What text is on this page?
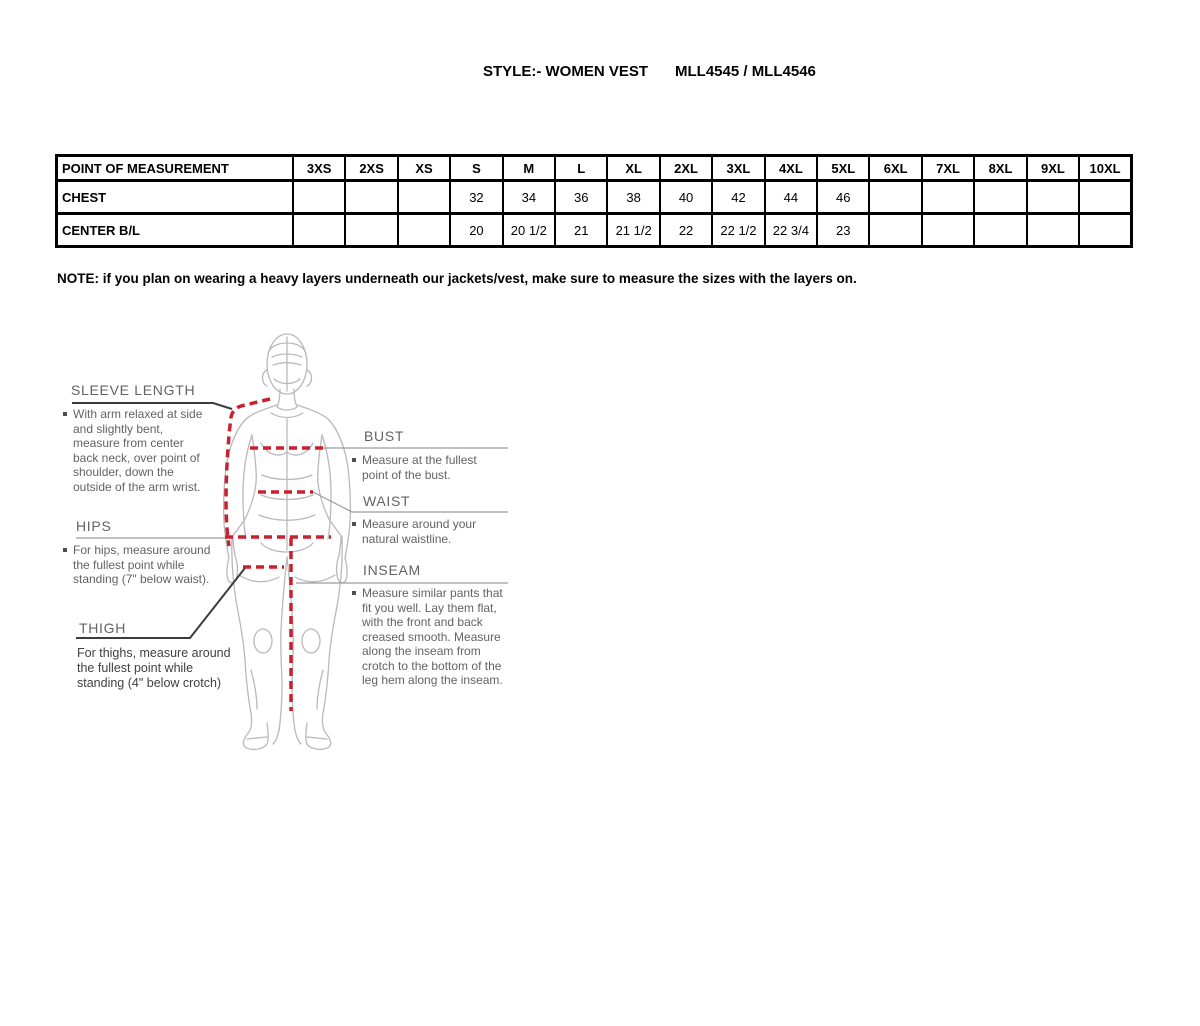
STYLE:- WOMEN VEST MLL4545 / MLL4546
POINT OF MEASUREMENT	3XS	2XS	XS	S	M	L	XL	2XL	3XL	4XL	5XL	6XL	7XL	8XL	9XL	10XL
CHEST				32	34	36	38	40	42	44	46					
CENTER B/L				20	20 1/2	21	21 1/2	22	22 1/2	22 3/4	23					
NOTE: if you plan on wearing a heavy layers underneath our jackets/vest, make sure to measure the sizes with the layers on.
SLEEVE LENGTH
With arm relaxed at side and slightly bent, measure from center back neck, over point of shoulder, down the outside of the arm wrist.
HIPS
For hips, measure around the fullest point while standing (7" below waist).
THIGH
For thighs, measure around the fullest point while standing (4" below crotch)
BUST
Measure at the fullest point of the bust.
WAIST
Measure around your natural waistline.
INSEAM
Measure similar pants that fit you well. Lay them flat, with the front and back creased smooth. Measure along the inseam from crotch to the bottom of the leg hem along the inseam.
